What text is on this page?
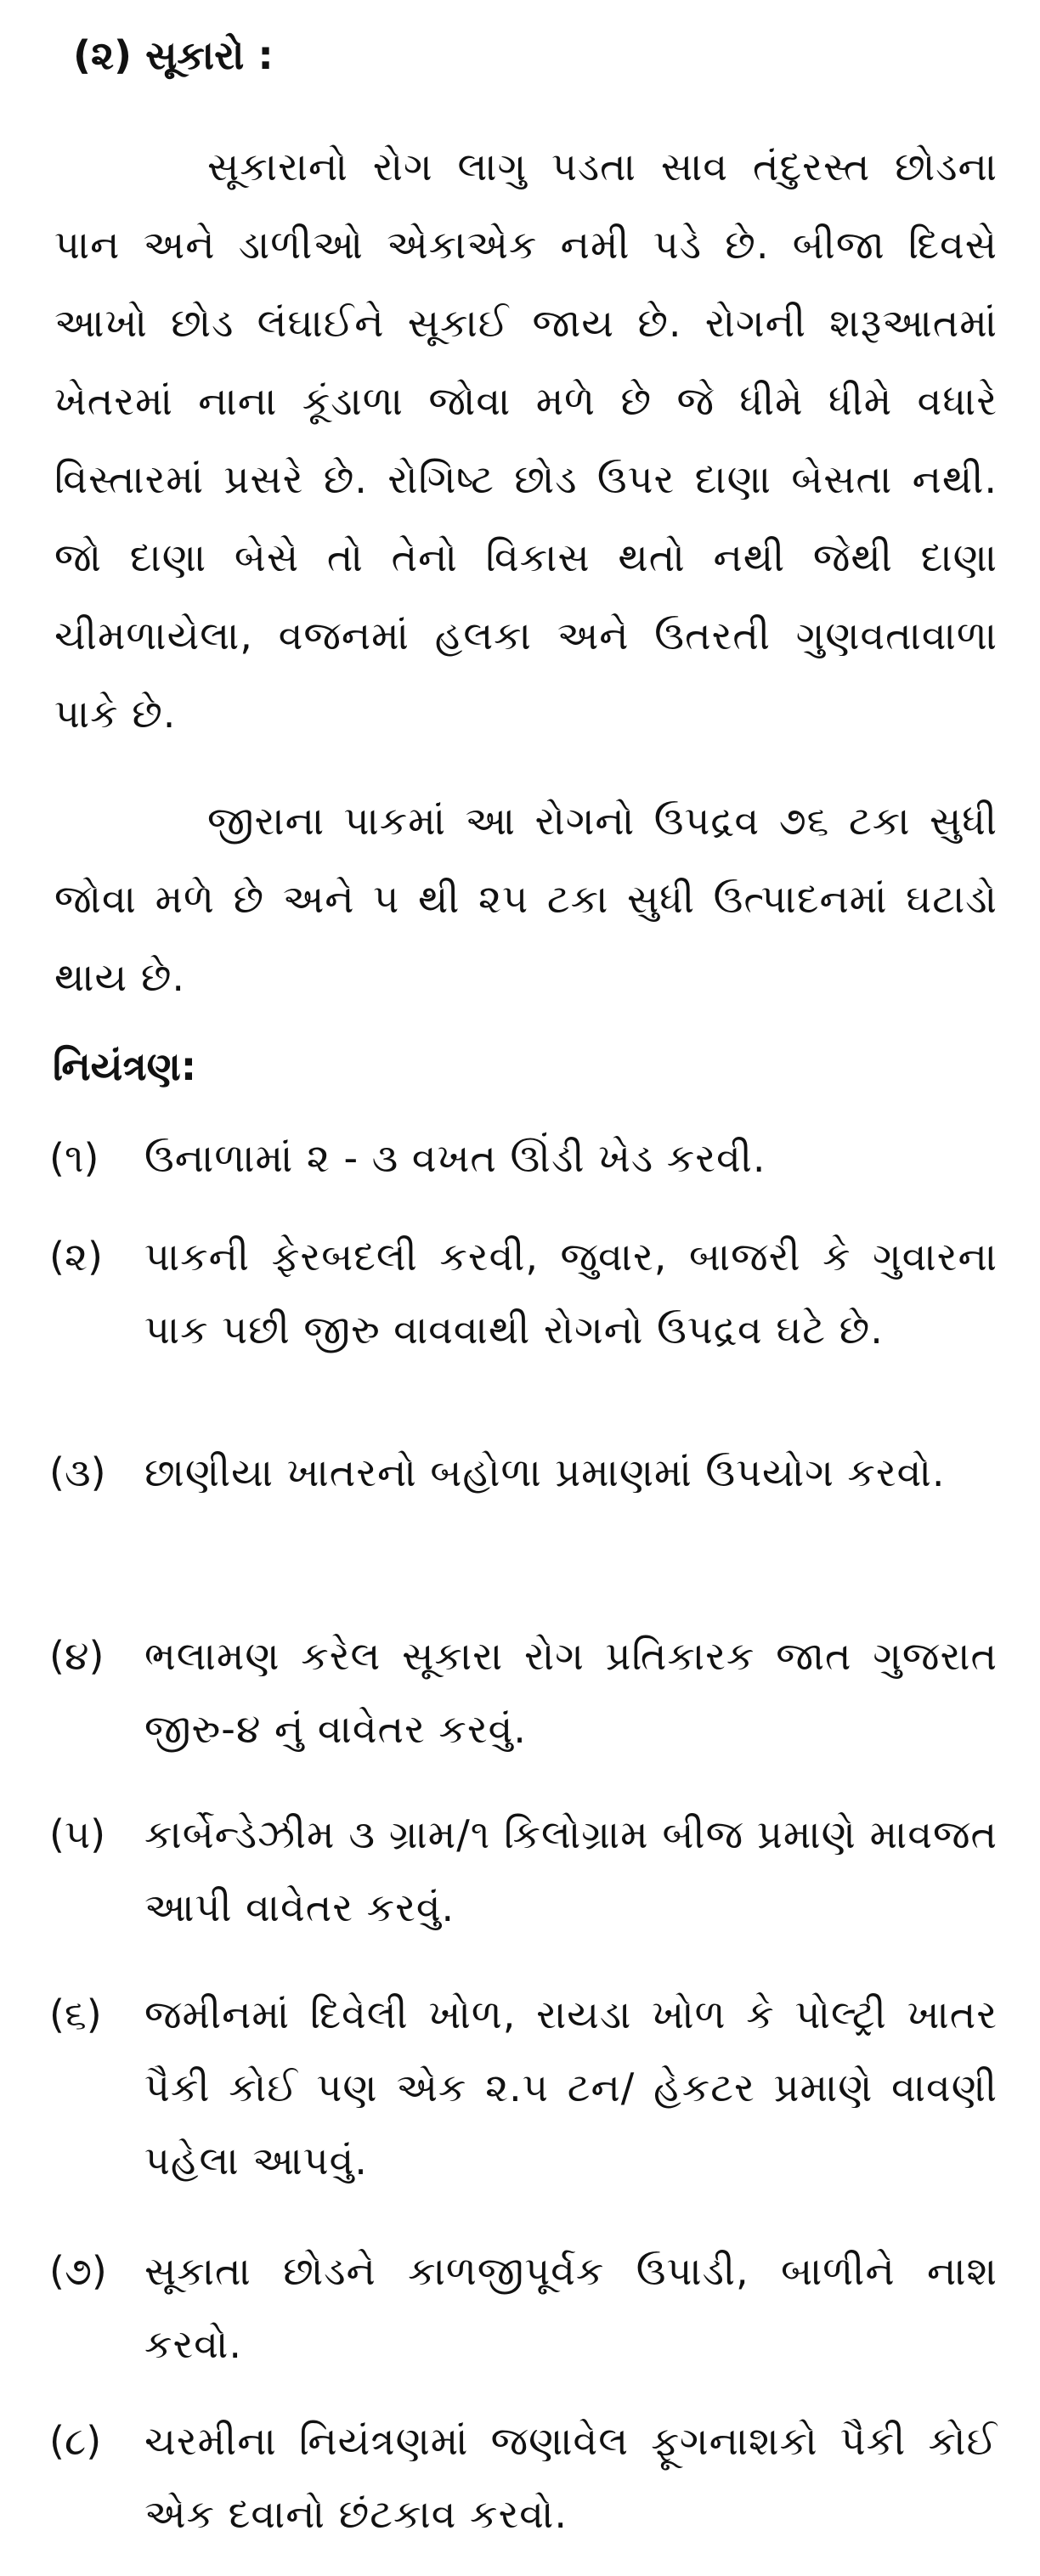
(૨) સૂકારો :
સૂકારાનો રોગ લાગુ પડતા સાવ તંદુરસ્ત છોડના પાન અને ડાળીઓ એકાએક નમી પડે છે. બીજા દિવસે આખો છોડ લંઘાઈને સૂકાઈ જાય છે. રોગની શરૂઆતમાં ખેતરમાં નાના કૂંડાળા જોવા મળે છે જે ધીમે ધીમે વધારે વિસ્તારમાં પ્રસરે છે. રોગિષ્ટ છોડ ઉપર દાણા બેસતા નથી. જો દાણા બેસે તો તેનો વિકાસ થતો નથી જેથી દાણા ચીમળાયેલા, વજનમાં હલકા અને ઉતરતી ગુણવતાવાળા પાકે છે.
જીરાના પાકમાં આ રોગનો ઉપદ્રવ ૭૬ ટકા સુધી જોવા મળે છે અને ૫ થી ૨૫ ટકા સુધી ઉત્પાદનમાં ઘટાડો થાય છે.
નિયંત્રણ:
(૧)	ઉનાળામાં ૨ - ૩ વખત ઊંડી ખેડ કરવી.
(૨)	પાકની ફેરબદલી કરવી, જુવાર, બાજરી કે ગુવારના પાક પછી જીરુ વાવવાથી રોગનો ઉપદ્રવ ઘટે છે.
(૩) છાણીયા ખાતરનો બહોળા પ્રમાણમાં ઉપયોગ કરવો.
(૪)	ભલામણ કરેલ સૂકારા રોગ પ્રતિકારક જાત ગુજરાત જીરુ-૪ નું વાવેતર કરવું.
(૫) કાર્બેન્ડેઝીમ ૩ ગ્રામ/૧ કિલોગ્રામ બીજ પ્રમાણે માવજત આપી વાવેતર કરવું.
(૬)	જમીનમાં દિવેલી ખોળ, રાયડા ખોળ કે પોલ્ટ્રી ખાતર પૈકી કોઈ પણ એક ૨.૫ ટન/ હેકટર પ્રમાણે વાવણી પહેલા આપવું.
(૭) સૂકાતા છોડને કાળજીપૂર્વક ઉપાડી, બાળીને નાશ કરવો.
(૮)	ચરમીના નિયંત્રણમાં જણાવેલ ફૂગનાશકો પૈકી કોઈ એક દવાનો છંટકાવ કરવો.
